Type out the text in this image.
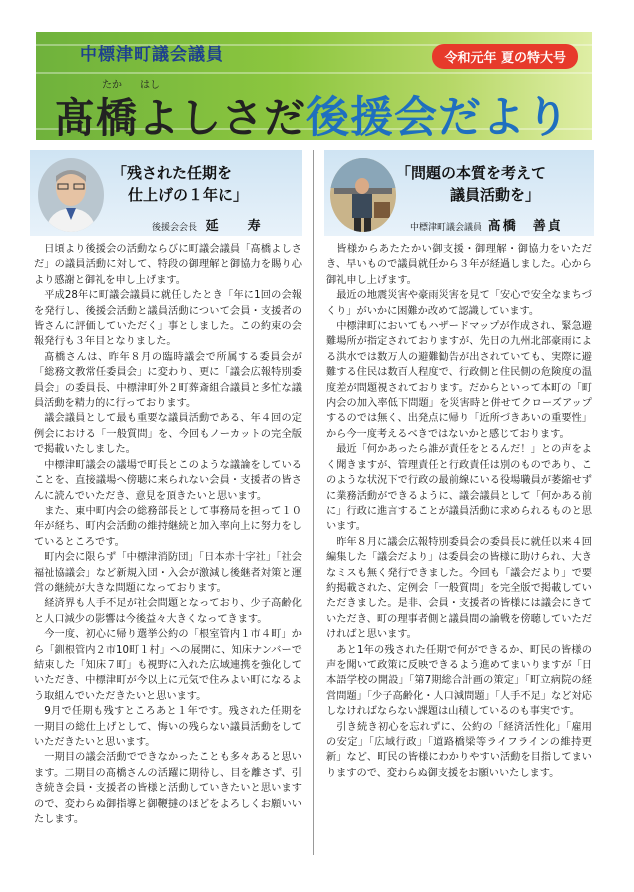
中標津町議会議員	令和元年 夏の特大号
たか はし
髙橋よしさだ後援会だより
「残された任期を
仕上げの１年に」
後援会会長 延　寿

日頃より後援会の活動ならびに町議会議員「髙橋よしさだ」の議員活動に対して、特段の御理解と御協力を賜り心より感謝と御礼を申し上げます。

平成28年に町議会議員に就任したとき「年に1回の会報を発行し、後援会活動と議員活動について会員・支援者の皆さんに評価していただく」事としました。この約束の会報発行も３年目となりました。

髙橋さんは、昨年８月の臨時議会で所属する委員会が「総務文教常任委員会」に変わり、更に「議会広報特別委員会」の委員長、中標津町外２町葬斎組合議員と多忙な議員活動を精力的に行っております。

議会議員として最も重要な議員活動である、年４回の定例会における「一般質問」を、今回もノーカットの完全版で掲載いたしました。

中標津町議会の議場で町長とこのような議論をしていることを、直接議場へ傍聴に来られない会員・支援者の皆さんに読んでいただき、意見を頂きたいと思います。

また、東中町内会の総務部長として事務局を担って１０年が経ち、町内会活動の維持継続と加入率向上に努力をしているところです。

町内会に限らず「中標津消防団」「日本赤十字社」「社会福祉協議会」など新規入団・入会が激減し後継者対策と運営の継続が大きな問題になっております。

経済界も人手不足が社会問題となっており、少子高齢化と人口減少の影響は今後益々大きくなってきます。

今一度、初心に帰り選挙公約の「根室管内１市４町」から「釧根管内２市10町１村」への展開に、知床ナンバーで結束した「知床７町」も視野に入れた広域連携を強化していただき、中標津町が今以上に元気で住みよい町になるよう取組んでいただきたいと思います。

9月で任期も残すところあと１年です。残された任期を一期目の総仕上げとして、悔いの残らない議員活動をしていただきたいと思います。

一期目の議会活動でできなかったことも多々あると思います。二期目の髙橋さんの活躍に期待し、目を離さず、引き続き会員・支援者の皆様と活動していきたいと思いますので、変わらぬ御指導と御鞭撻のほどをよろしくお願いいたします。

「問題の本質を考えて
議員活動を」
中標津町議会議員 髙橋　善貞

皆様からあたたかい御支援・御理解・御協力をいただき、早いもので議員就任から３年が経過しました。心から御礼申し上げます。

最近の地震災害や豪雨災害を見て「安心で安全なまちづくり」がいかに困難か改めて認識しています。

中標津町においてもハザードマップが作成され、緊急避難場所が指定されておりますが、先日の九州北部豪雨による洪水では数万人の避難勧告が出されていても、実際に避難する住民は数百人程度で、行政側と住民側の危険度の温度差が問題視されております。だからといって本町の「町内会の加入率低下問題」を災害時と併せてクローズアップするのでは無く、出発点に帰り「近所づきあいの重要性」から今一度考えるべきではないかと感じております。

最近「何かあったら誰が責任をとるんだ！」との声をよく聞きますが、管理責任と行政責任は別のものであり、このような状況下で行政の最前線にいる役場職員が萎縮せずに業務活動ができるように、議会議員として「何かある前に」行政に進言することが議員活動に求められるものと思います。

昨年８月に議会広報特別委員会の委員長に就任以来４回編集した「議会だより」は委員会の皆様に助けられ、大きなミスも無く発行できました。今回も「議会だより」で要約掲載された、定例会「一般質問」を完全版で掲載していただきました。是非、会員・支援者の皆様には議会にきていただき、町の理事者側と議員間の論戦を傍聴していただければと思います。

あと1年の残された任期で何ができるか、町民の皆様の声を聞いて政策に反映できるよう進めてまいりますが「日本語学校の開設」「第7期総合計画の策定」「町立病院の経営問題」「少子高齢化・人口減問題」「人手不足」など対応しなければならない課題は山積しているのも事実です。

引き続き初心を忘れずに、公約の「経済活性化」「雇用の安定」「広域行政」「道路橋梁等ライフラインの維持更新」など、町民の皆様にわかりやすい活動を目指してまいりますので、変わらぬ御支援をお願いいたします。
